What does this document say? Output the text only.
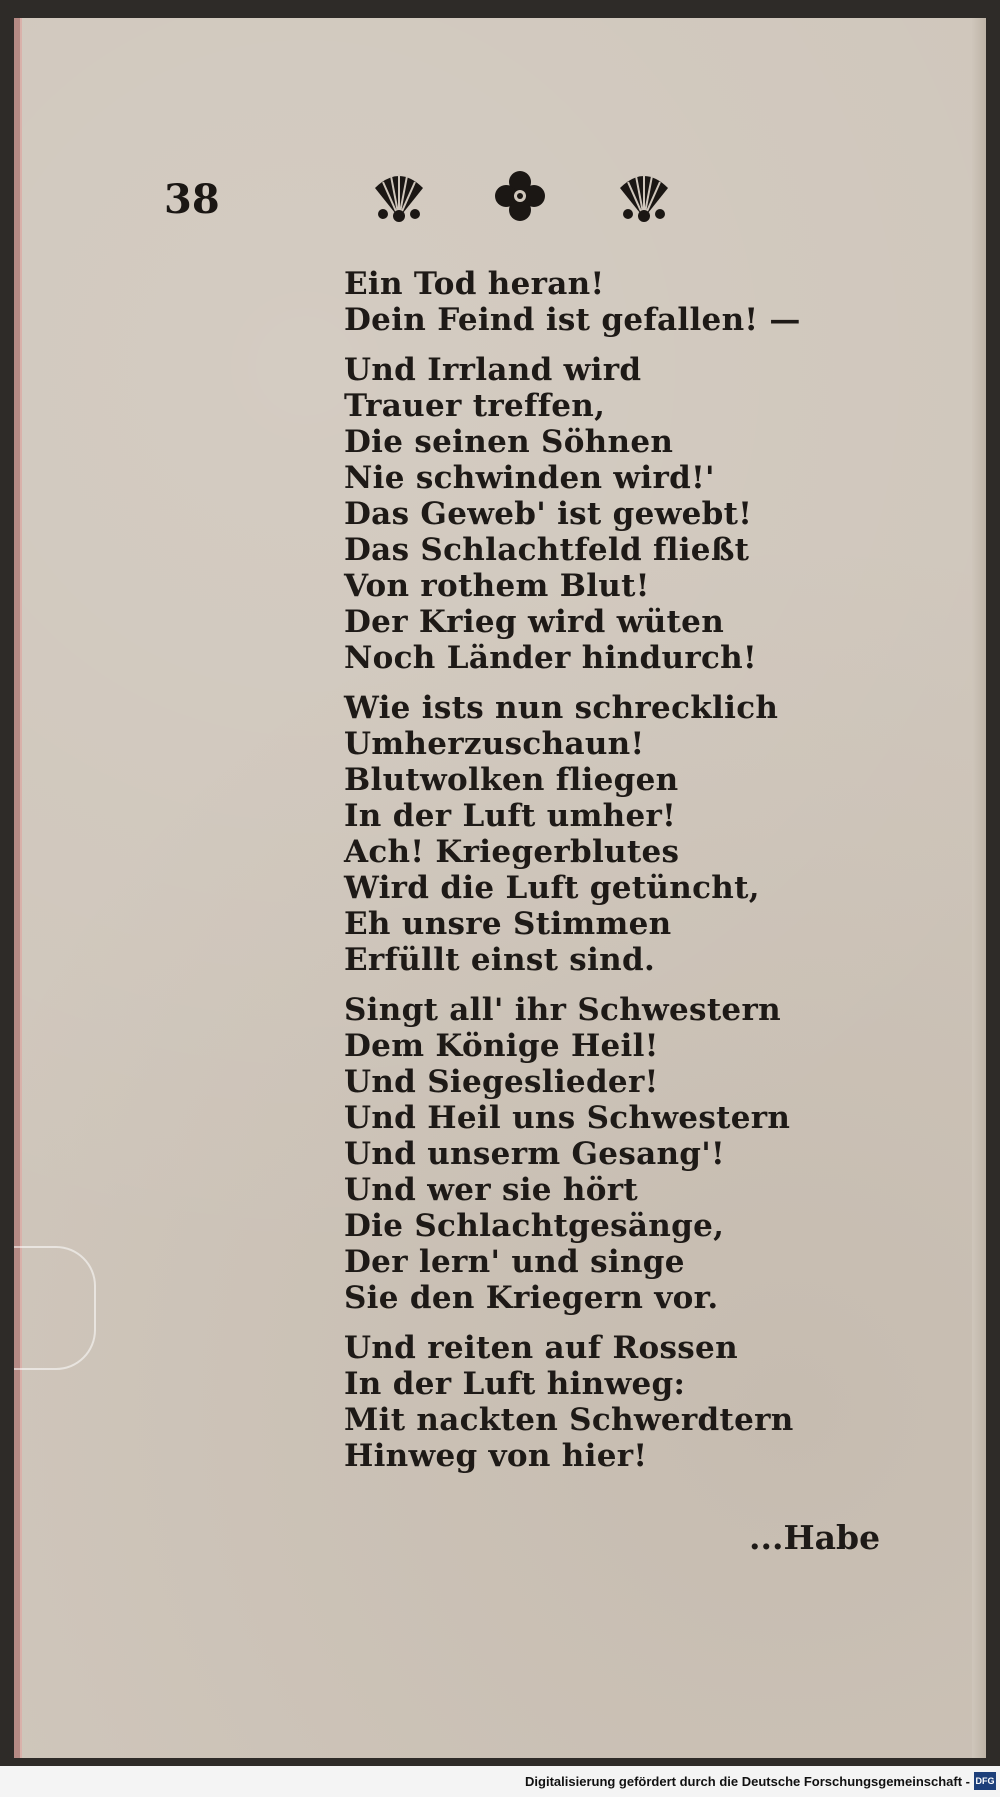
38
Ein Tod heran!
Dein Feind ist gefallen! —
Und Irrland wird
Trauer treffen,
Die seinen Söhnen
Nie schwinden wird!'
Das Geweb' ist gewebt!
Das Schlachtfeld fließt
Von rothem Blut!
Der Krieg wird wüten
Noch Länder hindurch!
Wie ists nun schrecklich
Umherzuschaun!
Blutwolken fliegen
In der Luft umher!
Ach! Kriegerblutes
Wird die Luft getüncht,
Eh unsre Stimmen
Erfüllt einst sind.
Singt all' ihr Schwestern
Dem Könige Heil!
Und Siegeslieder!
Und Heil uns Schwestern
Und unserm Gesang'!
Und wer sie hört
Die Schlachtgesänge,
Der lern' und singe
Sie den Kriegern vor.
Und reiten auf Rossen
In der Luft hinweg:
Mit nackten Schwerdtern
Hinweg von hier!
...Habe
Digitalisierung gefördert durch die Deutsche Forschungsgemeinschaft - DFG
